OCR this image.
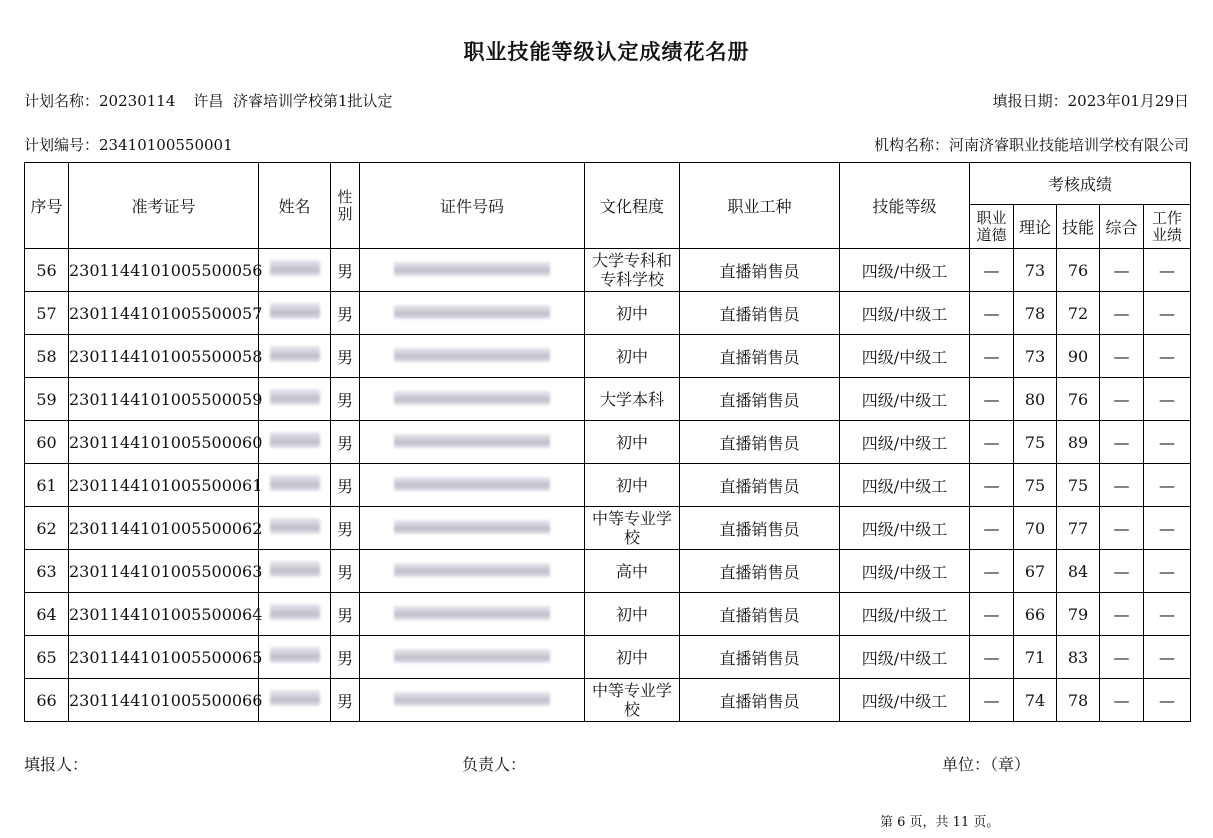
职业技能等级认定成绩花名册
计划名称：20230114 许昌 济睿培训学校第1批认定	填报日期：2023年01月29日
计划编号：23410100550001	机构名称：河南济睿职业技能培训学校有限公司
序号	准考证号	姓名	性
别	证件号码	文化程度	职业工种	技能等级	考核成绩				
								职业
道德	理论	技能	综合	工作
业绩
56	2301144101005500056		男		大学专科和
专科学校	直播销售员	四级/中级工	—	73	76	—	—
57	2301144101005500057		男		初中	直播销售员	四级/中级工	—	78	72	—	—
58	2301144101005500058		男		初中	直播销售员	四级/中级工	—	73	90	—	—
59	2301144101005500059		男		大学本科	直播销售员	四级/中级工	—	80	76	—	—
60	2301144101005500060		男		初中	直播销售员	四级/中级工	—	75	89	—	—
61	2301144101005500061		男		初中	直播销售员	四级/中级工	—	75	75	—	—
62	2301144101005500062		男		中等专业学
校	直播销售员	四级/中级工	—	70	77	—	—
63	2301144101005500063		男		高中	直播销售员	四级/中级工	—	67	84	—	—
64	2301144101005500064		男		初中	直播销售员	四级/中级工	—	66	79	—	—
65	2301144101005500065		男		初中	直播销售员	四级/中级工	—	71	83	—	—
66	2301144101005500066		男		中等专业学
校	直播销售员	四级/中级工	—	74	78	—	—
填报人：	负责人：	单位：（章）
第 6 页，共 11 页。
